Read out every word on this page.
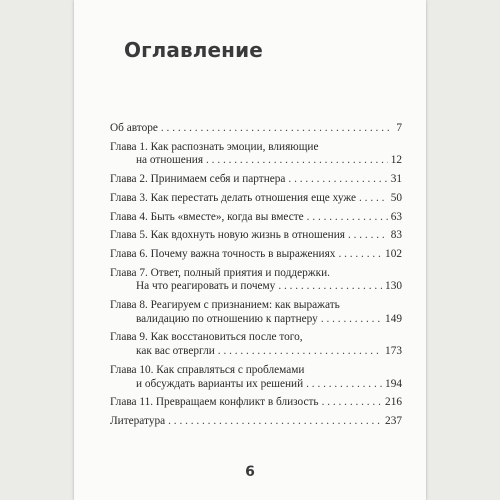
Оглавление
Об авторе . . .	7
Глава 1. Как распознать эмоции, влияющие
на отношения . . .	12
Глава 2. Принимаем себя и партнера . . .	31
Глава 3. Как перестать делать отношения еще хуже . . .	50
Глава 4. Быть «вместе», когда вы вместе . . .	63
Глава 5. Как вдохнуть новую жизнь в отношения . . .	83
Глава 6. Почему важна точность в выражениях . . .	102
Глава 7. Ответ, полный приятия и поддержки.
На что реагировать и почему . . .	130
Глава 8. Реагируем с признанием: как выражать
валидацию по отношению к партнеру . . .	149
Глава 9. Как восстановиться после того,
как вас отвергли . . .	173
Глава 10. Как справляться с проблемами
и обсуждать варианты их решений . . .	194
Глава 11. Превращаем конфликт в близость . . .	216
Литература . . .	237
6
